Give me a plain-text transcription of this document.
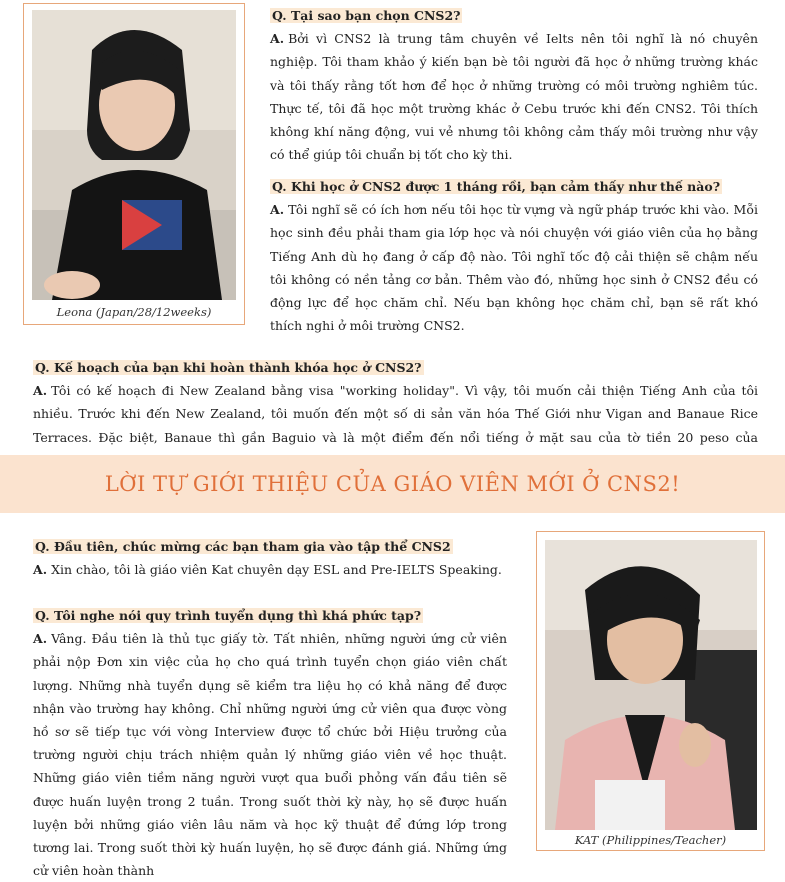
Leona (Japan/28/12weeks)
Q. Tại sao bạn chọn CNS2?
A. Bởi vì CNS2 là trung tâm chuyên về Ielts nên tôi nghĩ là nó chuyên nghiệp. Tôi tham khảo ý kiến bạn bè tôi người đã học ở những trường khác và tôi thấy rằng tốt hơn để học ở những trường có môi trường nghiêm túc. Thực tế, tôi đã học một trường khác ở Cebu trước khi đến CNS2. Tôi thích không khí năng động, vui vẻ nhưng tôi không cảm thấy môi trường như vậy có thể giúp tôi chuẩn bị tốt cho kỳ thi.
Q. Khi học ở CNS2 được 1 tháng rồi, bạn cảm thấy như thế nào?
A. Tôi nghĩ sẽ có ích hơn nếu tôi học từ vựng và ngữ pháp trước khi vào. Mỗi học sinh đều phải tham gia lớp học và nói chuyện với giáo viên của họ bằng Tiếng Anh dù họ đang ở cấp độ nào. Tôi nghĩ tốc độ cải thiện sẽ chậm nếu tôi không có nền tảng cơ bản. Thêm vào đó, những học sinh ở CNS2 đều có động lực để học chăm chỉ. Nếu bạn không học chăm chỉ, bạn sẽ rất khó thích nghi ở môi trường CNS2.
Q. Kế hoạch của bạn khi hoàn thành khóa học ở CNS2?
A. Tôi có kế hoạch đi New Zealand bằng visa "working holiday". Vì vậy, tôi muốn cải thiện Tiếng Anh của tôi nhiều. Trước khi đến New Zealand, tôi muốn đến một số di sản văn hóa Thế Giới như Vigan and Banaue Rice Terraces. Đặc biệt, Banaue thì gần Baguio và là một điểm đến nổi tiếng ở mặt sau của tờ tiền 20 peso của
LỜI TỰ GIỚI THIỆU CỦA GIÁO VIÊN MỚI Ở CNS2!
KAT (Philippines/Teacher)
Q. Đầu tiên, chúc mừng các bạn tham gia vào tập thể CNS2
A. Xin chào, tôi là giáo viên Kat chuyên dạy ESL and Pre-IELTS Speaking.
Q. Tôi nghe nói quy trình tuyển dụng thì khá phức tạp?
A. Vâng. Đầu tiên là thủ tục giấy tờ. Tất nhiên, những người ứng cử viên phải nộp Đơn xin việc của họ cho quá trình tuyển chọn giáo viên chất lượng. Những nhà tuyển dụng sẽ kiểm tra liệu họ có khả năng để được nhận vào trường hay không. Chỉ những người ứng cử viên qua được vòng hồ sơ sẽ tiếp tục với vòng Interview được tổ chức bởi Hiệu trưởng của trường người chịu trách nhiệm quản lý những giáo viên về học thuật. Những giáo viên tiềm năng người vượt qua buổi phỏng vấn đầu tiên sẽ được huấn luyện trong 2 tuần. Trong suốt thời kỳ này, họ sẽ được huấn luyện bởi những giáo viên lâu năm và học kỹ thuật để đứng lớp trong tương lai. Trong suốt thời kỳ huấn luyện, họ sẽ được đánh giá. Những ứng cử viên hoàn thành
